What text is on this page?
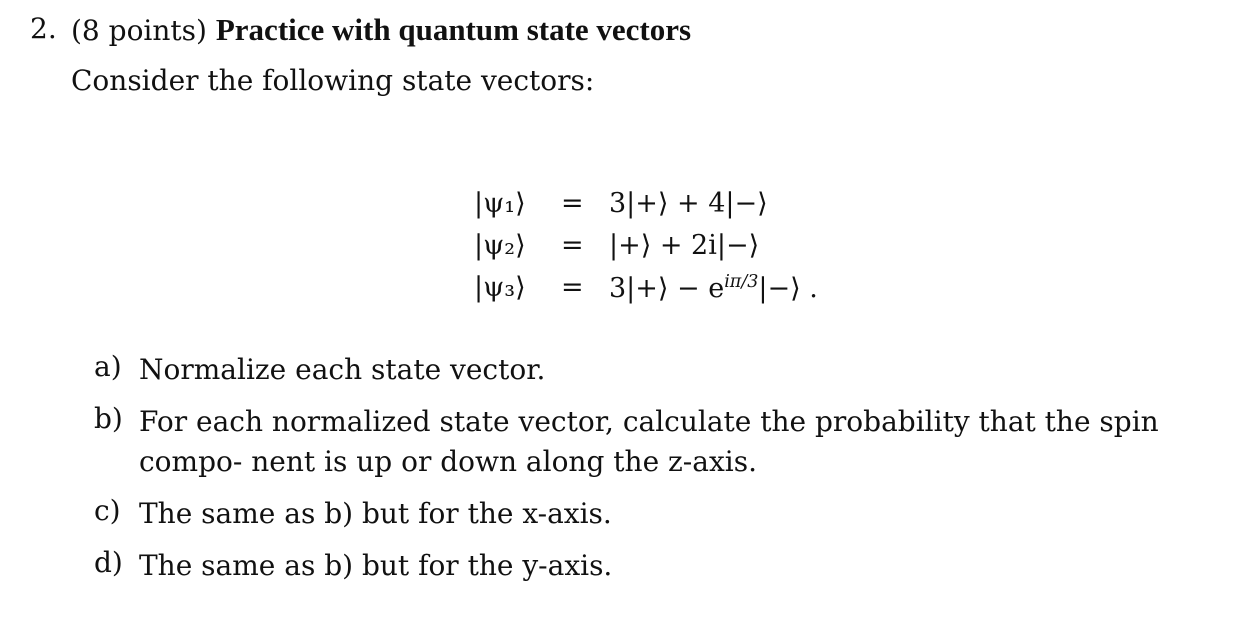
2. (8 points) Practice with quantum state vectors
Consider the following state vectors:
|ψ₁⟩ = 3|+⟩ + 4|−⟩
|ψ₂⟩ = |+⟩ + 2i|−⟩
|ψ₃⟩ = 3|+⟩ − $e^{i\pi/3}|-⟩$ .
a) Normalize each state vector.
b) For each normalized state vector, calculate the probability that the spin compo- nent is up or down along the z-axis.
c) The same as b) but for the x-axis.
d) The same as b) but for the y-axis.
